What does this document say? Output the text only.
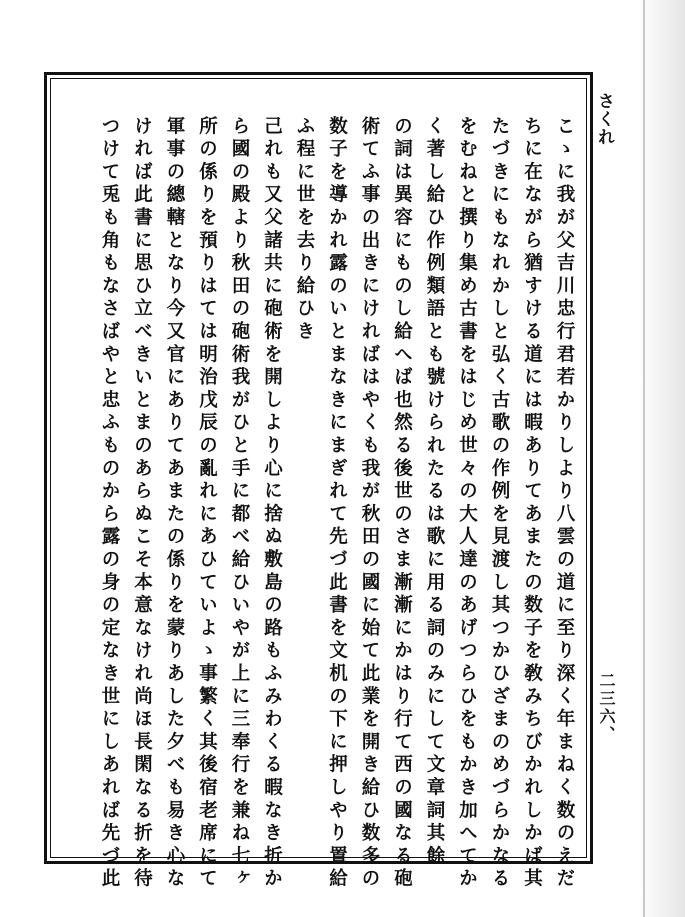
さくれ
二三六、
こゝに我が父吉川忠行君若かりしより八雲の道に至り深く年まねく数のえだ
ちに在ながら猶すける道には暇ありてあまたの数子を敎みちびかれしかば其
たづきにもなれかしと弘く古歌の作例を見渡し其つかひざまのめづらかなる
をむねと撰り集め古書をはじめ世々の大人達のあげつらひをもかき加へてか
く著し給ひ作例類語とも號けられたるは歌に用る詞のみにして文章詞其餘
の詞は異容にものし給へば也然る後世のさま漸漸にかはり行て西の國なる砲
術てふ事の出きにければはやくも我が秋田の國に始て此業を開き給ひ数多の
数子を導かれ露のいとまなきにまぎれて先づ此書を文机の下に押しやり置給
ふ程に世を去り給ひき
己れも又父諸共に砲術を開しより心に捨ぬ敷島の路もふみわくる暇なき折か
ら國の殿より秋田の砲術我がひと手に都べ給ひいやが上に三奉行を兼ね七ヶ
所の係りを預りはては明治戊辰の亂れにあひていよゝ事繁く其後宿老席にて
軍事の總轄となり今又官にありてあまたの係りを蒙りあした夕べも易き心な
ければ此書に思ひ立べきいとまのあらぬこそ本意なけれ尚ほ長閑なる折を待
つけて兎も角もなさばやと忠ふものから露の身の定なき世にしあれば先づ此
